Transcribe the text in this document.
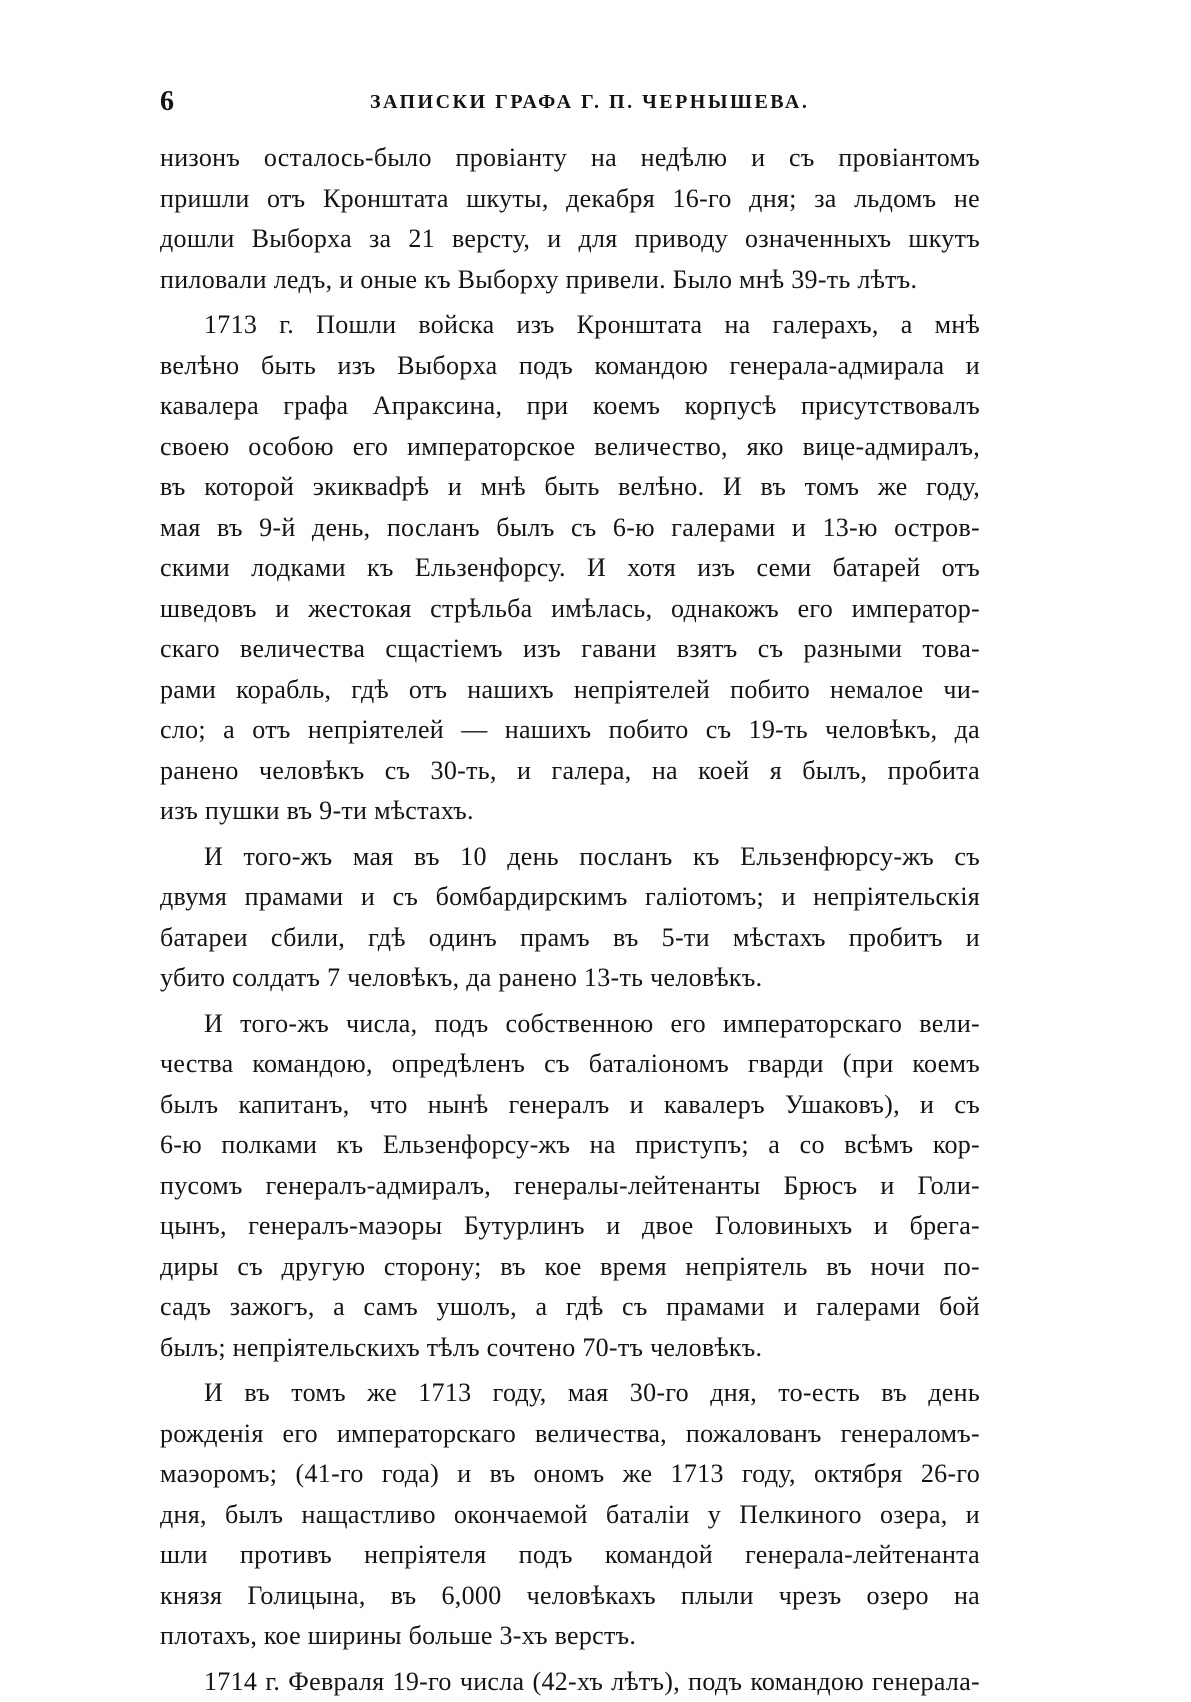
6	ЗАПИСКИ ГРАФА Г. П. ЧЕРНЫШЕВА.
низонъ осталось-было провіанту на недѣлю и съ провіантомъ
пришли отъ Кронштата шкуты, декабря 16-го дня; за льдомъ не
дошли Выборха за 21 версту, и для приводу означенныхъ шкутъ
пиловали ледъ, и оные къ Выборху привели. Было мнѣ 39-ть лѣтъ.
1713 г. Пошли войска изъ Кронштата на галерахъ, а мнѣ
велѣно быть изъ Выборха подъ командою генерала-адмирала и
кавалера графа Апраксина, при коемъ корпусѣ присутствовалъ
своею особою его императорское величество, яко вице-адмиралъ,
въ которой экикваdрѣ и мнѣ быть велѣно. И въ томъ же году,
мая въ 9-й день, посланъ былъ съ 6-ю галерами и 13-ю остров-
скими лодками къ Ельзенфорсу. И хотя изъ семи батарей отъ
шведовъ и жестокая стрѣльба имѣлась, однакожъ его император-
скаго величества сщастіемъ изъ гавани взятъ съ разными това-
рами корабль, гдѣ отъ нашихъ непріятелей побито немалое чи-
сло; а отъ непріятелей — нашихъ побито съ 19-ть человѣкъ, да
ранено человѣкъ съ 30-ть, и галера, на коей я былъ, пробита
изъ пушки въ 9-ти мѣстахъ.
И того-жъ мая въ 10 день посланъ къ Ельзенфюрсу-жъ съ
двумя прамами и съ бомбардирскимъ галіотомъ; и непріятельскія
батареи сбили, гдѣ одинъ прамъ въ 5-ти мѣстахъ пробитъ и
убито солдатъ 7 человѣкъ, да ранено 13-ть человѣкъ.
И того-жъ числа, подъ собственною его императорскаго вели-
чества командою, опредѣленъ съ баталіономъ гварди (при коемъ
былъ капитанъ, что нынѣ генералъ и кавалеръ Ушаковъ), и съ
6-ю полками къ Ельзенфорсу-жъ на приступъ; а со всѣмъ кор-
пусомъ генералъ-адмиралъ, генералы-лейтенанты Брюсъ и Голи-
цынъ, генералъ-маэоры Бутурлинъ и двое Головиныхъ и брега-
диры съ другую сторону; въ кое время непріятель въ ночи по-
садъ зажогъ, а самъ ушолъ, а гдѣ съ прамами и галерами бой
былъ; непріятельскихъ тѣлъ сочтено 70-тъ человѣкъ.
И въ томъ же 1713 году, мая 30-го дня, то-есть въ день
рожденія его императорскаго величества, пожалованъ генераломъ-
маэоромъ; (41-го года) и въ ономъ же 1713 году, октября 26-го
дня, былъ нащастливо окончаемой баталіи у Пелкиного озера, и
шли противъ непріятеля подъ командой генерала-лейтенанта
князя Голицына, въ 6,000 человѣкахъ плыли чрезъ озеро на
плотахъ, кое ширины больше 3-хъ верстъ.
1714 г. Февраля 19-го числа (42-хъ лѣтъ), подъ командою генерала-
